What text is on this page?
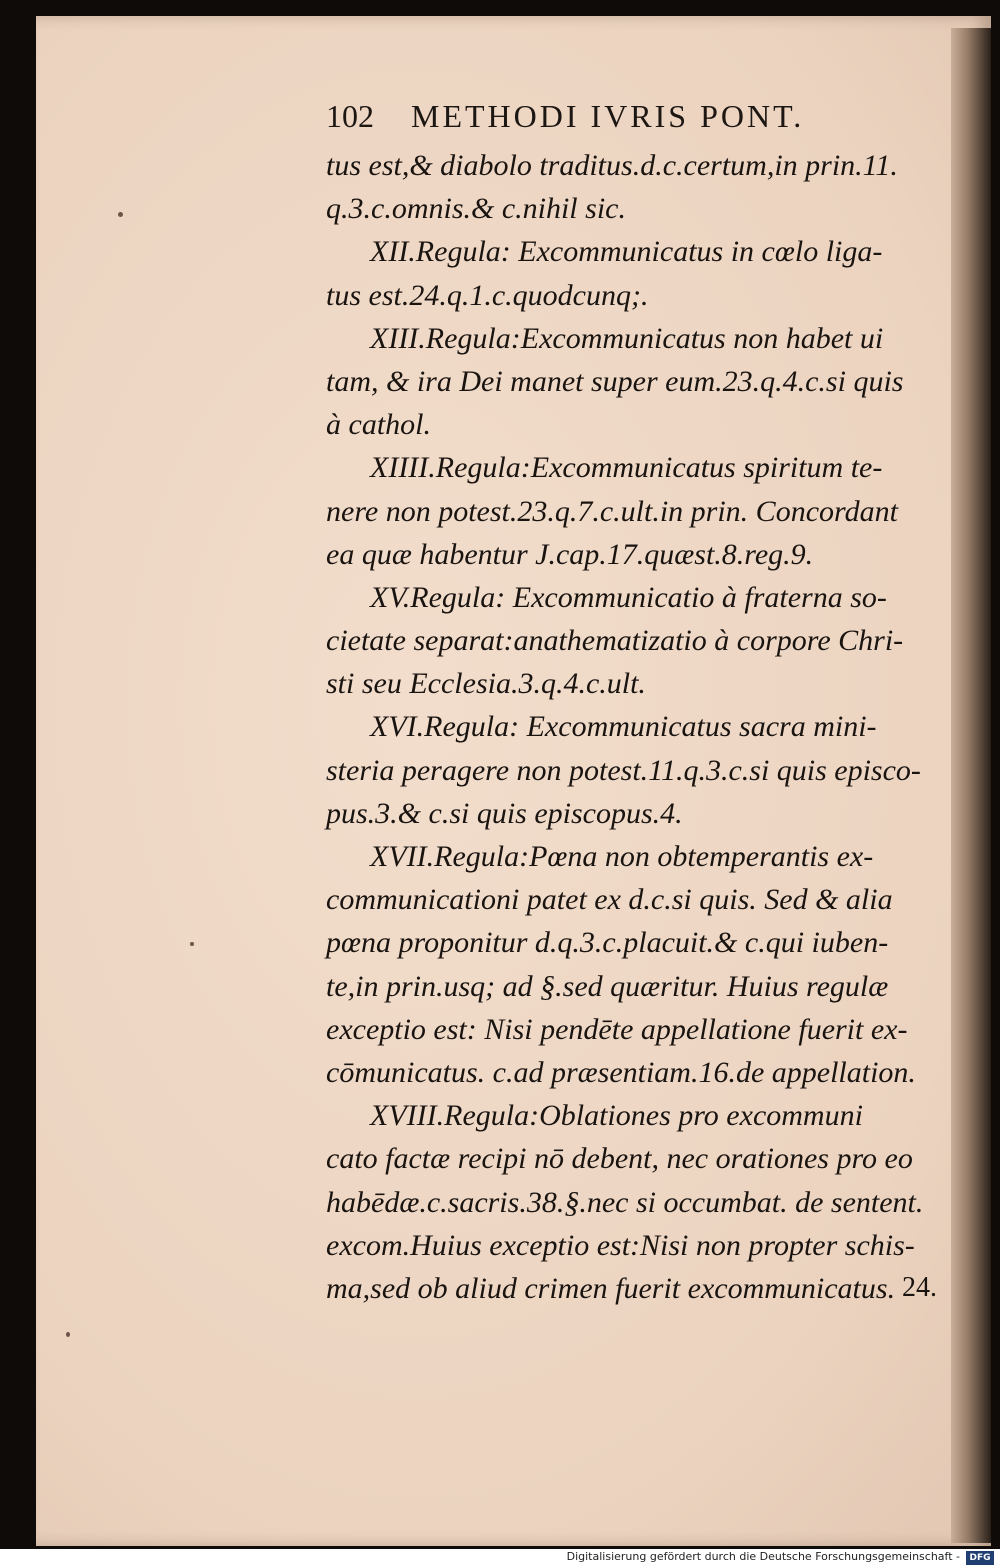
102 METHODI IVRIS PONT.
tus est,& diabolo traditus.d.c.certum,in prin.11.
q.3.c.omnis.& c.nihil sic.
XII.Regula: Excommunicatus in cœlo liga-
tus est.24.q.1.c.quodcunq;.
XIII.Regula:Excommunicatus non habet ui
tam, & ira Dei manet super eum.23.q.4.c.si quis
à cathol.
XIIII.Regula:Excommunicatus spiritum te-
nere non potest.23.q.7.c.ult.in prin. Concordant
ea quæ habentur J.cap.17.quæst.8.reg.9.
XV.Regula: Excommunicatio à fraterna so-
cietate separat:anathematizatio à corpore Chri-
sti seu Ecclesia.3.q.4.c.ult.
XVI.Regula: Excommunicatus sacra mini-
steria peragere non potest.11.q.3.c.si quis episco-
pus.3.& c.si quis episcopus.4.
XVII.Regula:Pœna non obtemperantis ex-
communicationi patet ex d.c.si quis. Sed & alia
pœna proponitur d.q.3.c.placuit.& c.qui iuben-
te,in prin.usq; ad §.sed quæritur. Huius regulæ
exceptio est: Nisi pendēte appellatione fuerit ex-
cōmunicatus. c.ad præsentiam.16.de appellation.
XVIII.Regula:Oblationes pro excommuni
cato factæ recipi nō debent, nec orationes pro eo
habēdæ.c.sacris.38.§.nec si occumbat. de sentent.
excom.Huius exceptio est:Nisi non propter schis-
ma,sed ob aliud crimen fuerit excommunicatus. 24.
Digitalisierung gefördert durch die Deutsche Forschungsgemeinschaft -	DFG
